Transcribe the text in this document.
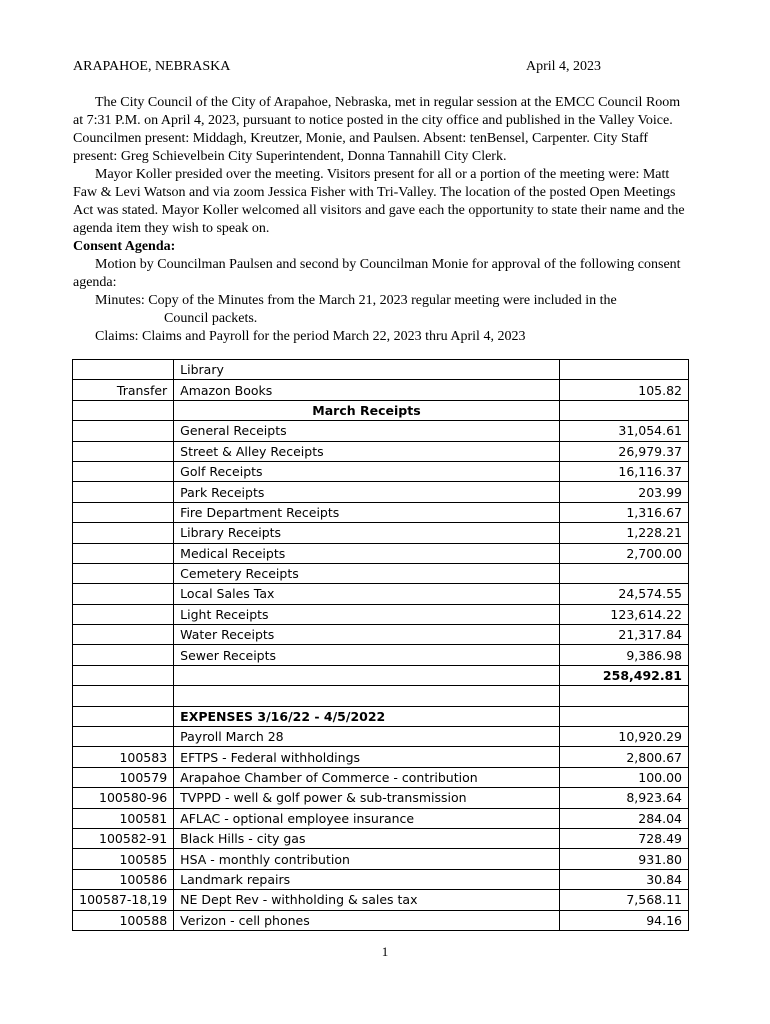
ARAPAHOE, NEBRASKA	April 4, 2023

The City Council of the City of Arapahoe, Nebraska, met in regular session at the EMCC Council Room at 7:31 P.M. on April 4, 2023, pursuant to notice posted in the city office and published in the Valley Voice. Councilmen present: Middagh, Kreutzer, Monie, and Paulsen. Absent: tenBensel, Carpenter. City Staff present: Greg Schievelbein City Superintendent, Donna Tannahill City Clerk.

Mayor Koller presided over the meeting. Visitors present for all or a portion of the meeting were: Matt Faw & Levi Watson and via zoom Jessica Fisher with Tri-Valley. The location of the posted Open Meetings Act was stated. Mayor Koller welcomed all visitors and gave each the opportunity to state their name and the agenda item they wish to speak on.

Consent Agenda:

Motion by Councilman Paulsen and second by Councilman Monie for approval of the following consent agenda:

Minutes: Copy of the Minutes from the March 21, 2023 regular meeting were included in the

Council packets.

Claims: Claims and Payroll for the period March 22, 2023 thru April 4, 2023

	Library	
Transfer	Amazon Books	105.82
	March Receipts	
	General Receipts	31,054.61
	Street & Alley Receipts	26,979.37
	Golf Receipts	16,116.37
	Park Receipts	203.99
	Fire Department Receipts	1,316.67
	Library Receipts	1,228.21
	Medical Receipts	2,700.00
	Cemetery Receipts	
	Local Sales Tax	24,574.55
	Light Receipts	123,614.22
	Water Receipts	21,317.84
	Sewer Receipts	9,386.98
		258,492.81

	EXPENSES 3/16/22 - 4/5/2022	
	Payroll March 28	10,920.29
100583	EFTPS - Federal withholdings	2,800.67
100579	Arapahoe Chamber of Commerce - contribution	100.00
100580-96	TVPPD - well & golf power & sub-transmission	8,923.64
100581	AFLAC - optional employee insurance	284.04
100582-91	Black Hills - city gas	728.49
100585	HSA - monthly contribution	931.80
100586	Landmark repairs	30.84
100587-18,19	NE Dept Rev - withholding & sales tax	7,568.11
100588	Verizon - cell phones	94.16
1
